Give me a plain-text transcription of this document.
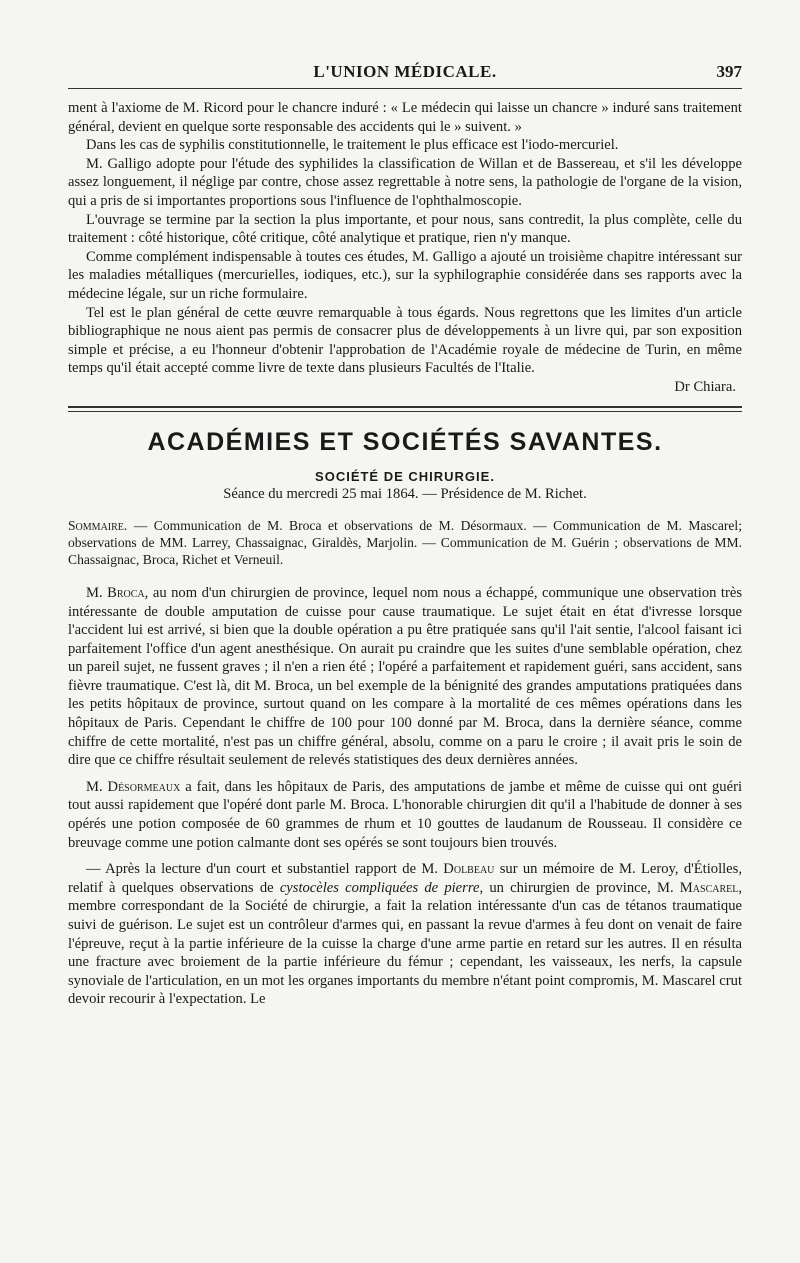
L'UNION MÉDICALE.	397

ment à l'axiome de M. Ricord pour le chancre induré : « Le médecin qui laisse un chancre » induré sans traitement général, devient en quelque sorte responsable des accidents qui le » suivent. »

Dans les cas de syphilis constitutionnelle, le traitement le plus efficace est l'iodo-mercuriel.

M. Galligo adopte pour l'étude des syphilides la classification de Willan et de Bassereau, et s'il les développe assez longuement, il néglige par contre, chose assez regrettable à notre sens, la pathologie de l'organe de la vision, qui a pris de si importantes proportions sous l'influence de l'ophthalmoscopie.

L'ouvrage se termine par la section la plus importante, et pour nous, sans contredit, la plus complète, celle du traitement : côté historique, côté critique, côté analytique et pratique, rien n'y manque.

Comme complément indispensable à toutes ces études, M. Galligo a ajouté un troisième chapitre intéressant sur les maladies métalliques (mercurielles, iodiques, etc.), sur la syphilographie considérée dans ses rapports avec la médecine légale, sur un riche formulaire.

Tel est le plan général de cette œuvre remarquable à tous égards. Nous regrettons que les limites d'un article bibliographique ne nous aient pas permis de consacrer plus de développements à un livre qui, par son exposition simple et précise, a eu l'honneur d'obtenir l'approbation de l'Académie royale de médecine de Turin, en même temps qu'il était accepté comme livre de texte dans plusieurs Facultés de l'Italie.

Dr Chiara.
ACADÉMIES ET SOCIÉTÉS SAVANTES.
SOCIÉTÉ DE CHIRURGIE.
Séance du mercredi 25 mai 1864. — Présidence de M. Richet.

Sommaire. — Communication de M. Broca et observations de M. Désormaux. — Communication de M. Mascarel; observations de MM. Larrey, Chassaignac, Giraldès, Marjolin. — Communication de M. Guérin ; observations de MM. Chassaignac, Broca, Richet et Verneuil.

M. Broca, au nom d'un chirurgien de province, lequel nom nous a échappé, communique une observation très intéressante de double amputation de cuisse pour cause traumatique. Le sujet était en état d'ivresse lorsque l'accident lui est arrivé, si bien que la double opération a pu être pratiquée sans qu'il l'ait sentie, l'alcool faisant ici parfaitement l'office d'un agent anesthésique. On aurait pu craindre que les suites d'une semblable opération, chez un pareil sujet, ne fussent graves ; il n'en a rien été ; l'opéré a parfaitement et rapidement guéri, sans accident, sans fièvre traumatique. C'est là, dit M. Broca, un bel exemple de la bénignité des grandes amputations pratiquées dans les petits hôpitaux de province, surtout quand on les compare à la mortalité de ces mêmes opérations dans les hôpitaux de Paris. Cependant le chiffre de 100 pour 100 donné par M. Broca, dans la dernière séance, comme chiffre de cette mortalité, n'est pas un chiffre général, absolu, comme on a paru le croire ; il avait pris le soin de dire que ce chiffre résultait seulement de relevés statistiques des deux dernières années.

M. Désormeaux a fait, dans les hôpitaux de Paris, des amputations de jambe et même de cuisse qui ont guéri tout aussi rapidement que l'opéré dont parle M. Broca. L'honorable chirurgien dit qu'il a l'habitude de donner à ses opérés une potion composée de 60 grammes de rhum et 10 gouttes de laudanum de Rousseau. Il considère ce breuvage comme une potion calmante dont ses opérés se sont toujours bien trouvés.

— Après la lecture d'un court et substantiel rapport de M. Dolbeau sur un mémoire de M. Leroy, d'Étiolles, relatif à quelques observations de cystocèles compliquées de pierre, un chirurgien de province, M. Mascarel, membre correspondant de la Société de chirurgie, a fait la relation intéressante d'un cas de tétanos traumatique suivi de guérison. Le sujet est un contrôleur d'armes qui, en passant la revue d'armes à feu dont on venait de faire l'épreuve, reçut à la partie inférieure de la cuisse la charge d'une arme partie en retard sur les autres. Il en résulta une fracture avec broiement de la partie inférieure du fémur ; cependant, les vaisseaux, les nerfs, la capsule synoviale de l'articulation, en un mot les organes importants du membre n'étant point compromis, M. Mascarel crut devoir recourir à l'expectation. Le
